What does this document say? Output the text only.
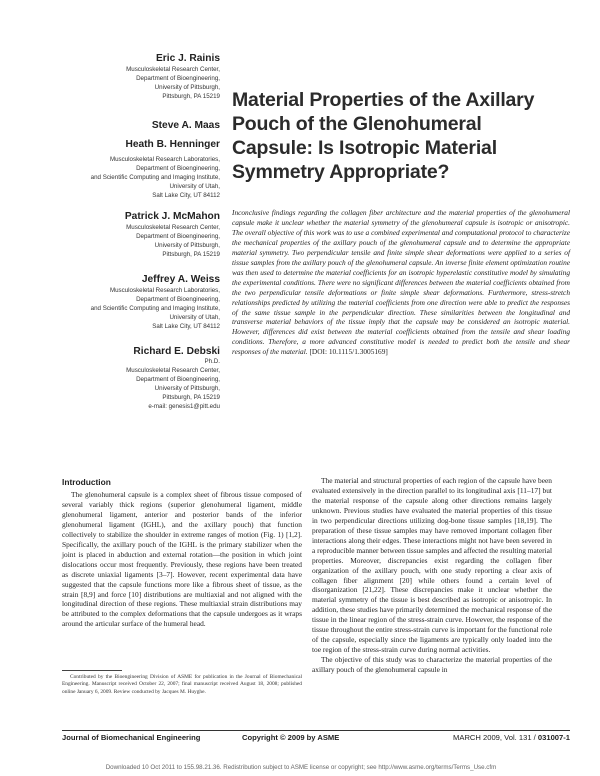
Eric J. Rainis
Musculoskeletal Research Center,
Department of Bioengineering,
University of Pittsburgh,
Pittsburgh, PA 15219
Steve A. Maas
Heath B. Henninger
Musculoskeletal Research Laboratories,
Department of Bioengineering,
and Scientific Computing and Imaging Institute,
University of Utah,
Salt Lake City, UT 84112
Patrick J. McMahon
Musculoskeletal Research Center,
Department of Bioengineering,
University of Pittsburgh,
Pittsburgh, PA 15219
Jeffrey A. Weiss
Musculoskeletal Research Laboratories,
Department of Bioengineering,
and Scientific Computing and Imaging Institute,
University of Utah,
Salt Lake City, UT 84112
Richard E. Debski
Ph.D.
Musculoskeletal Research Center,
Department of Bioengineering,
University of Pittsburgh,
Pittsburgh, PA 15219
e-mail: genesis1@pitt.edu
Material Properties of the Axillary Pouch of the Glenohumeral Capsule: Is Isotropic Material Symmetry Appropriate?
Inconclusive findings regarding the collagen fiber architecture and the material properties of the glenohumeral capsule make it unclear whether the material symmetry of the glenohumeral capsule is isotropic or anisotropic. The overall objective of this work was to use a combined experimental and computational protocol to characterize the mechanical properties of the axillary pouch of the glenohumeral capsule and to determine the appropriate material symmetry. Two perpendicular tensile and finite simple shear deformations were applied to a series of tissue samples from the axillary pouch of the glenohumeral capsule. An inverse finite element optimization routine was then used to determine the material coefficients for an isotropic hyperelastic constitutive model by simulating the experimental conditions. There were no significant differences between the material coefficients obtained from the two perpendicular tensile deformations or finite simple shear deformations. Furthermore, stress-stretch relationships predicted by utilizing the material coefficients from one direction were able to predict the responses of the same tissue sample in the perpendicular direction. These similarities between the longitudinal and transverse material behaviors of the tissue imply that the capsule may be considered an isotropic material. However, differences did exist between the material coefficients obtained from the tensile and shear loading conditions. Therefore, a more advanced constitutive model is needed to predict both the tensile and shear responses of the material. [DOI: 10.1115/1.3005169]
Introduction

The glenohumeral capsule is a complex sheet of fibrous tissue composed of several variably thick regions (superior glenohumeral ligament, middle glenohumeral ligament, anterior and posterior bands of the inferior glenohumeral ligament (IGHL), and the axillary pouch) that function collectively to stabilize the shoulder in extreme ranges of motion (Fig. 1) [1,2]. Specifically, the axillary pouch of the IGHL is the primary stabilizer when the joint is placed in abduction and external rotation—the position in which joint dislocations occur most frequently. Previously, these regions have been treated as discrete uniaxial ligaments [3–7]. However, recent experimental data have suggested that the capsule functions more like a fibrous sheet of tissue, as the strain [8,9] and force [10] distributions are multiaxial and not aligned with the longitudinal direction of these regions. These multiaxial strain distributions may be attributed to the complex deformations that the capsule undergoes as it wraps around the articular surface of the humeral head.

The material and structural properties of each region of the capsule have been evaluated extensively in the direction parallel to its longitudinal axis [11–17] but the material response of the capsule along other directions remains largely unknown. Previous studies have evaluated the material properties of this tissue in two perpendicular directions utilizing dog-bone tissue samples [18,19]. The preparation of these tissue samples may have removed important collagen fiber interactions along their edges. These interactions might not have been severed in a reproducible manner between tissue samples and affected the resulting material properties. Moreover, discrepancies exist regarding the collagen fiber organization of the axillary pouch, with one study reporting a clear axis of collagen fiber alignment [20] while others found a certain level of disorganization [21,22]. These discrepancies make it unclear whether the material symmetry of the tissue is best described as isotropic or anisotropic. In addition, these studies have primarily determined the mechanical response of the tissue in the linear region of the stress-strain curve. However, the response of the tissue throughout the entire stress-strain curve is important for the functional role of the capsule, especially since the ligaments are typically only loaded into the toe region of the stress-strain curve during normal activities.

The objective of this study was to characterize the material properties of the axillary pouch of the glenohumeral capsule in

Contributed by the Bioengineering Division of ASME for publication in the Journal of Biomechanical Engineering. Manuscript received October 22, 2007; final manuscript received August 18, 2008; published online January 6, 2009. Review conducted by Jacques M. Huyghe.

Journal of Biomechanical Engineering	Copyright © 2009 by ASME	MARCH 2009, Vol. 131 / 031007-1
Downloaded 10 Oct 2011 to 155.98.21.36. Redistribution subject to ASME license or copyright; see http://www.asme.org/terms/Terms_Use.cfm
